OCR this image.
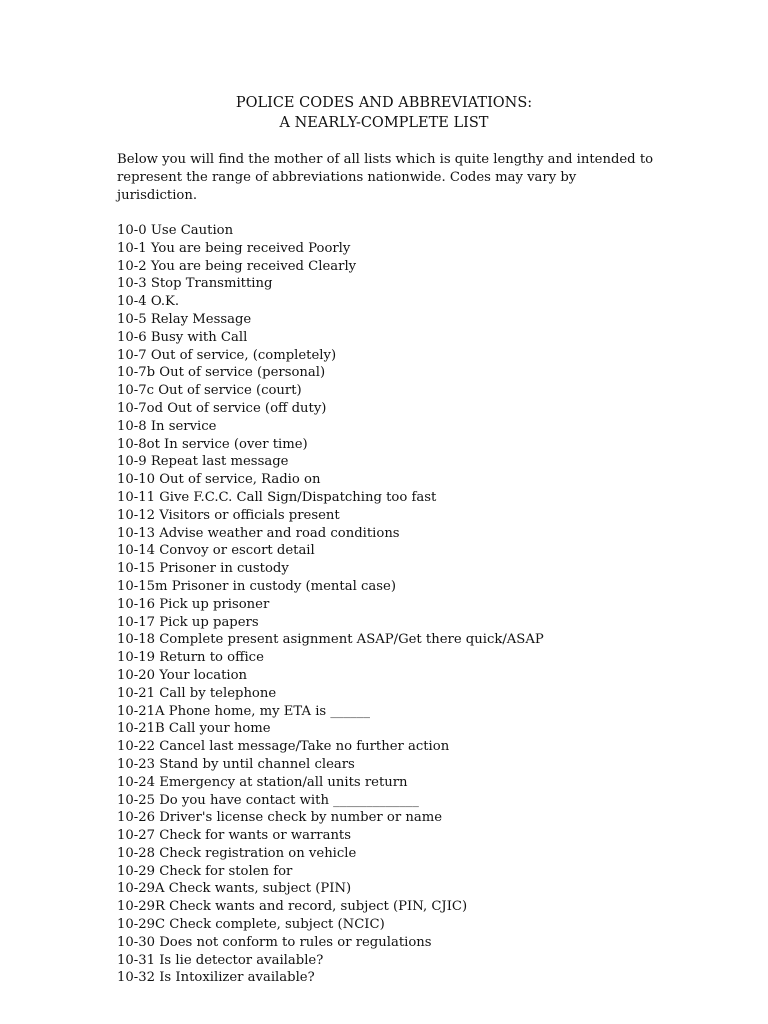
POLICE CODES AND ABBREVIATIONS:
A NEARLY-COMPLETE LIST
Below you will find the mother of all lists which is quite lengthy and intended to
represent the range of abbreviations nationwide. Codes may vary by
jurisdiction.
10-0 Use Caution
10-1 You are being received Poorly
10-2 You are being received Clearly
10-3 Stop Transmitting
10-4 O.K.
10-5 Relay Message
10-6 Busy with Call
10-7 Out of service, (completely)
10-7b Out of service (personal)
10-7c Out of service (court)
10-7od Out of service (off duty)
10-8 In service
10-8ot In service (over time)
10-9 Repeat last message
10-10 Out of service, Radio on
10-11 Give F.C.C. Call Sign/Dispatching too fast
10-12 Visitors or officials present
10-13 Advise weather and road conditions
10-14 Convoy or escort detail
10-15 Prisoner in custody
10-15m Prisoner in custody (mental case)
10-16 Pick up prisoner
10-17 Pick up papers
10-18 Complete present asignment ASAP/Get there quick/ASAP
10-19 Return to office
10-20 Your location
10-21 Call by telephone
10-21A Phone home, my ETA is ______
10-21B Call your home
10-22 Cancel last message/Take no further action
10-23 Stand by until channel clears
10-24 Emergency at station/all units return
10-25 Do you have contact with _____________
10-26 Driver's license check by number or name
10-27 Check for wants or warrants
10-28 Check registration on vehicle
10-29 Check for stolen for
10-29A Check wants, subject (PIN)
10-29R Check wants and record, subject (PIN, CJIC)
10-29C Check complete, subject (NCIC)
10-30 Does not conform to rules or regulations
10-31 Is lie detector available?
10-32 Is Intoxilizer available?
